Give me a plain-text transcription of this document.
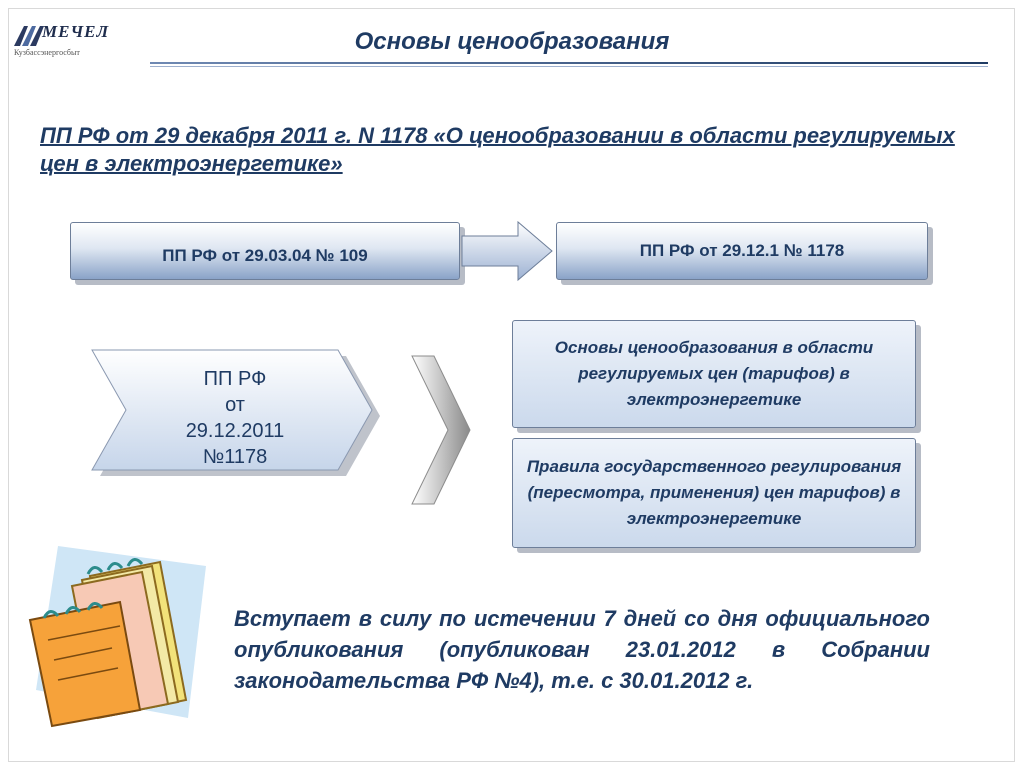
МЕЧЕЛ
Кузбассэнергосбыт	Основы ценообразования
ПП РФ от 29 декабря 2011 г. N 1178 «О ценообразовании в области регулируемых цен в электроэнергетике»
ПП РФ от 29.03.04 № 109	ПП РФ от 29.12.1 № 1178
ПП РФ
от
29.12.2011
№1178
Основы ценообразования в области регулируемых цен (тарифов) в электроэнергетике
Правила государственного регулирования (пересмотра, применения) цен тарифов) в электроэнергетике
Вступает в силу по истечении 7 дней со дня официального опубликования (опубликован 23.01.2012 в Собрании законодательства РФ №4), т.е. с 30.01.2012 г.
